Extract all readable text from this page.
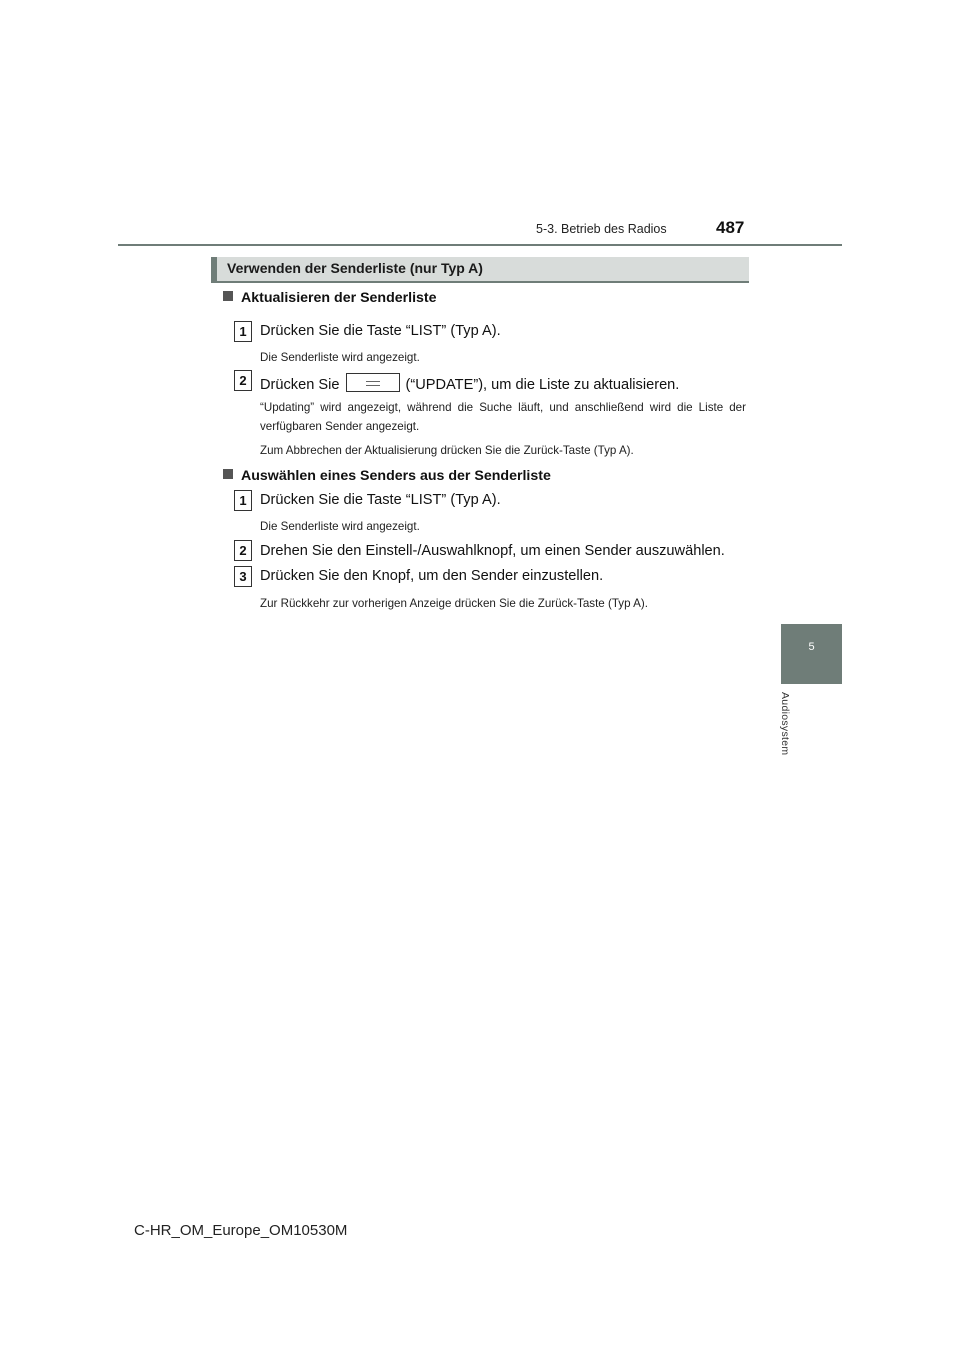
5-3. Betrieb des Radios	487
5
Audiosystem
Verwenden der Senderliste (nur Typ A)
Aktualisieren der Senderliste
1 Drücken Sie die Taste “LIST” (Typ A).
Die Senderliste wird angezeigt.
2 Drücken Sie	(“UPDATE”), um die Liste zu aktualisieren.
“Updating” wird angezeigt, während die Suche läuft, und anschließend wird die Liste der verfügbaren Sender angezeigt.
Zum Abbrechen der Aktualisierung drücken Sie die Zurück-Taste (Typ A).
Auswählen eines Senders aus der Senderliste
1 Drücken Sie die Taste “LIST” (Typ A).
Die Senderliste wird angezeigt.
2 Drehen Sie den Einstell-/Auswahlknopf, um einen Sender auszuwählen.
3 Drücken Sie den Knopf, um den Sender einzustellen.
Zur Rückkehr zur vorherigen Anzeige drücken Sie die Zurück-Taste (Typ A).
C-HR_OM_Europe_OM10530M
